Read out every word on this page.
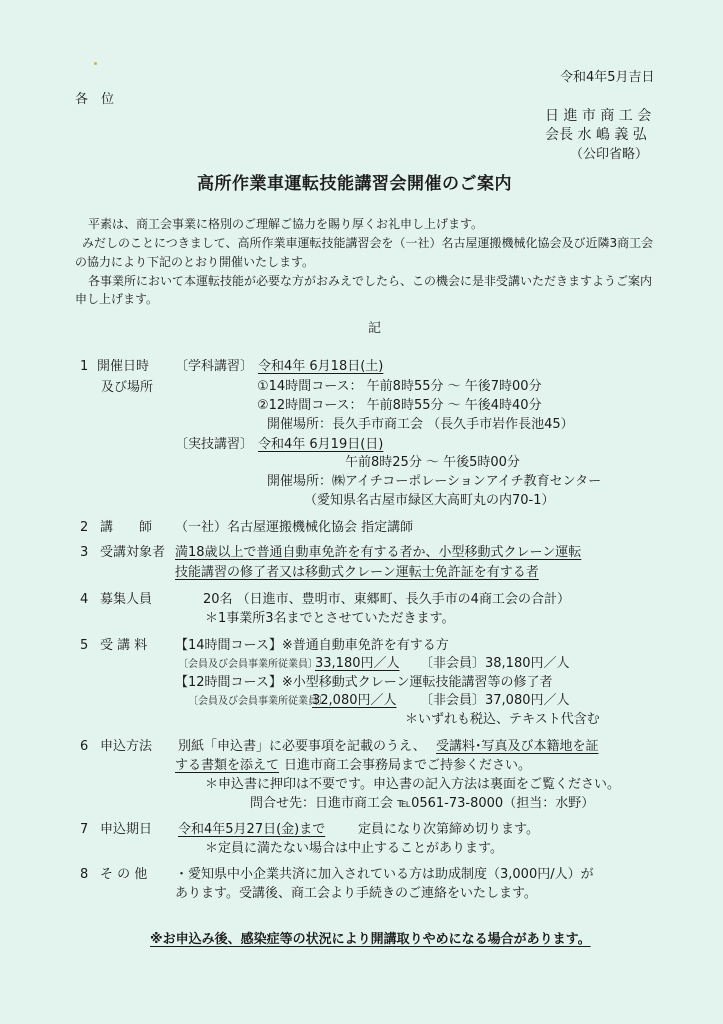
令和4年5月吉日
各　位
日 進 市 商 工 会
会長 水 嶋 義 弘
（公印省略）
高所作業車運転技能講習会開催のご案内
平素は、商工会事業に格別のご理解ご協力を賜り厚くお礼申し上げます。
みだしのことにつきまして、高所作業車運転技能講習会を（一社）名古屋運搬機械化協会及び近隣3商工会
の協力により下記のとおり開催いたします。
各事業所において本運転技能が必要な方がおみえでしたら、この機会に是非受講いただきますようご案内
申し上げます。
記
1 開催日時
及び場所
〔学科講習〕 令和4年 6月18日(土)
①14時間コース： 午前8時55分 ～ 午後7時00分
②12時間コース： 午前8時55分 ～ 午後4時40分
開催場所：長久手市商工会 （長久手市岩作長池45）
〔実技講習〕 令和4年 6月19日(日)
午前8時25分 ～ 午後5時00分
開催場所：㈱アイチコーポレーションアイチ教育センター
（愛知県名古屋市緑区大高町丸の内70-1）
2 講　　師 （一社）名古屋運搬機械化協会 指定講師
3 受講対象者 満18歳以上で普通自動車免許を有する者か、小型移動式クレーン運転
技能講習の修了者又は移動式クレーン運転士免許証を有する者
4 募集人員	20名 （日進市、豊明市、東郷町、長久手市の4商工会の合計）
＊1事業所3名までとさせていただきます。
5 受 講 料 【14時間コース】※普通自動車免許を有する方
〔会員及び会員事業所従業員〕
33,180円／人 〔非会員〕38,180円／人
【12時間コース】※小型移動式クレーン運転技能講習等の修了者
〔会員及び会員事業所従業員〕
32,080円／人 〔非会員〕37,080円／人
＊いずれも税込、テキスト代含む
6 申込方法 別紙「申込書」に必要事項を記載のうえ、 受講料･写真及び本籍地を証
する書類を添えて 日進市商工会事務局までご持参ください。
＊申込書に押印は不要です。申込書の記入方法は裏面をご覧ください。
問合せ先：日進市商工会 ℡0561-73-8000（担当：水野）
7 申込期日 令和4年5月27日(金)まで	定員になり次第締め切ります。
＊定員に満たない場合は中止することがあります。
8 そ の 他 ・愛知県中小企業共済に加入されている方は助成制度（3,000円/人）が
あります。受講後、商工会より手続きのご連絡をいたします。
※お申込み後、感染症等の状況により開講取りやめになる場合があります。
